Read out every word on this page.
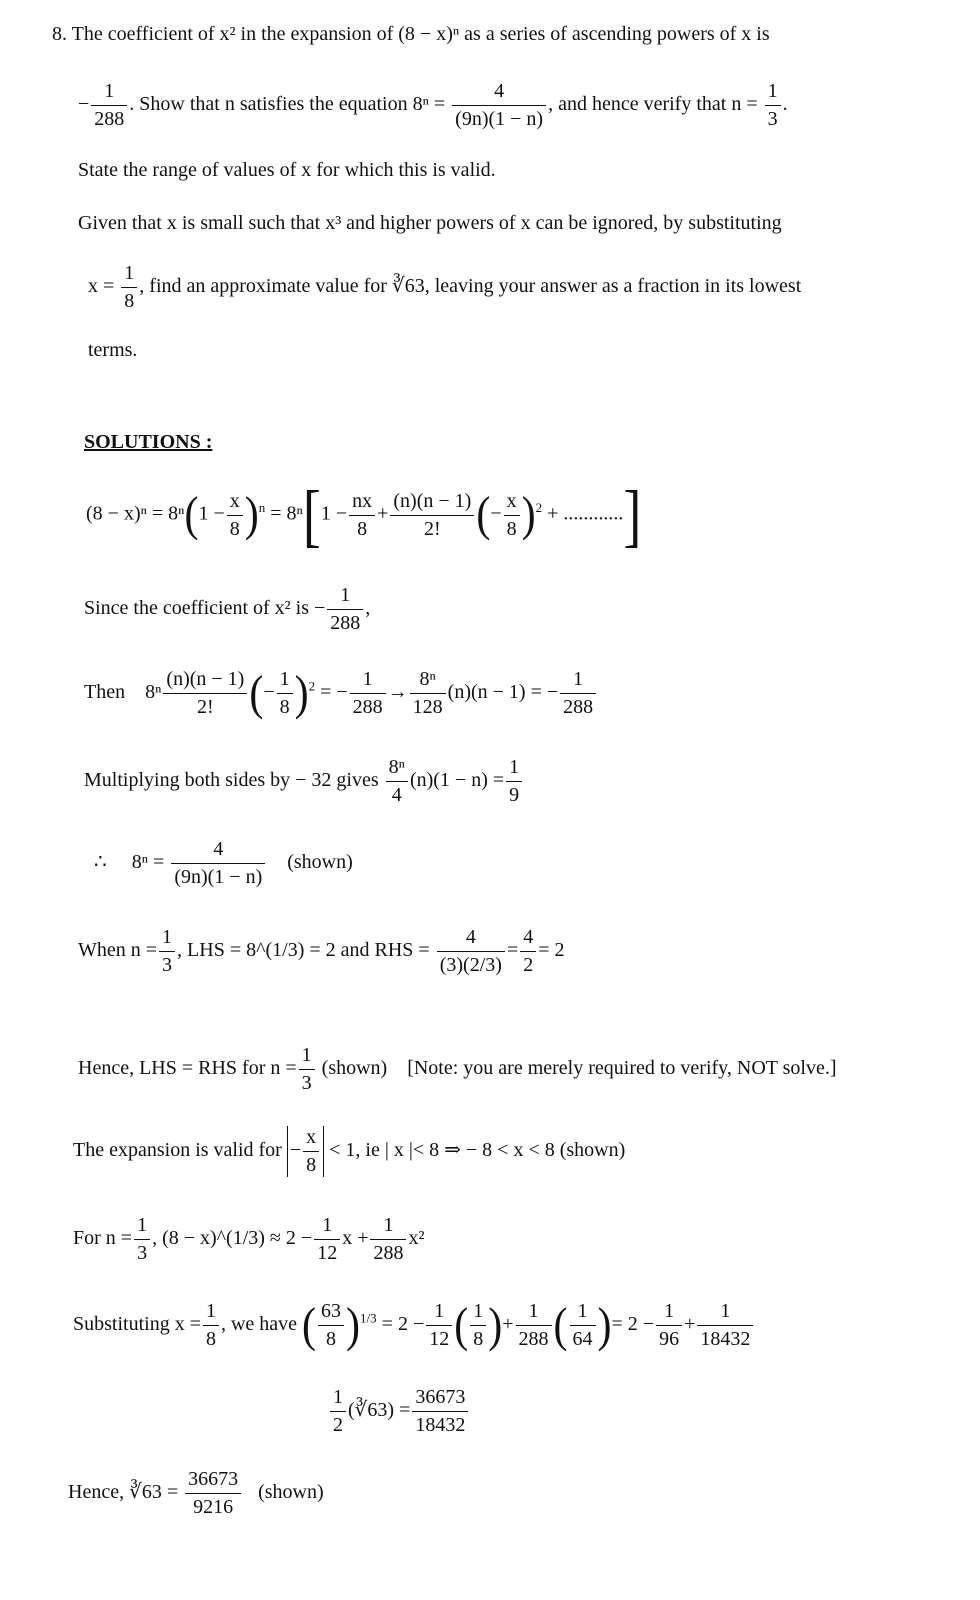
8. The coefficient of x² in the expansion of (8 − x)ⁿ as a series of ascending powers of x is
− $\frac{1}{288}$ . Show that n satisfies the equation $8^n = \frac{4}{(9n)(1 - n)}$ , and hence verify that $n = \frac{1}{3}$ .
State the range of values of x for which this is valid.
Given that x is small such that x³ and higher powers of x can be ignored, by substituting
$x = \frac{1}{8}$ , find an approximate value for ∛63, leaving your answer as a fraction in its lowest
terms.
SOLUTIONS :
$(8 - x)^n = 8^n(1 - \frac{x}{8} )^n = 8^n[1 - \frac{nx}{8} + \frac{(n)(n - 1)}{2!}$ (− $\frac{x}{8} )^2$ + ............]
Since the coefficient of x² is − $\frac{1}{288}$ ,
Then $8^n \frac{(n)(n - 1)}{2!}$ (− $\frac{1}{8} )^2$ = − $\frac{1}{288} \to \frac{\text{8ⁿ}}{128} (n)(n - 1)$ = − $\frac{1}{288}$
Multiplying both sides by − 32 gives $\frac{\text{8ⁿ}}{4} (n)(1 - n) = \frac{1}{9}$
∴ $8^n = \frac{4}{(9n)(1 - n)}$ (shown)
When $n = \frac{1}{3}$ , LHS = 8^(1/3) = 2 and RHS = $\frac{4}{(3)(2/3)} = \frac{4}{2} = 2$
Hence, LHS = RHS for $n = \frac{1}{3}$ (shown) [Note: you are merely required to verify, NOT solve.]
The expansion is valid for − $\frac{x}{8} < 1$, ie | x |< 8 ⇒ − 8 < x < 8 (shown)
For $n = \frac{1}{3}$ , (8 − x)^(1/3) ≈ $2 - \frac{1}{12}$ $x + \frac{1}{288} x^2$
Substituting $x = \frac{1}{8}$ , we have ( $\frac{63}{8} )^{1/3} = 2 - \frac{1}{12}$ ( $\frac{1}{8}$ )+ $\frac{1}{288}$ ( $\frac{1}{64}$ )= $2 - \frac{1}{96} + \frac{1}{18432}$
$\frac{1}{2}$ (∛63) = $\frac{36673}{18432}$
Hence, ∛63 = $\frac{36673}{9216}$ (shown)
